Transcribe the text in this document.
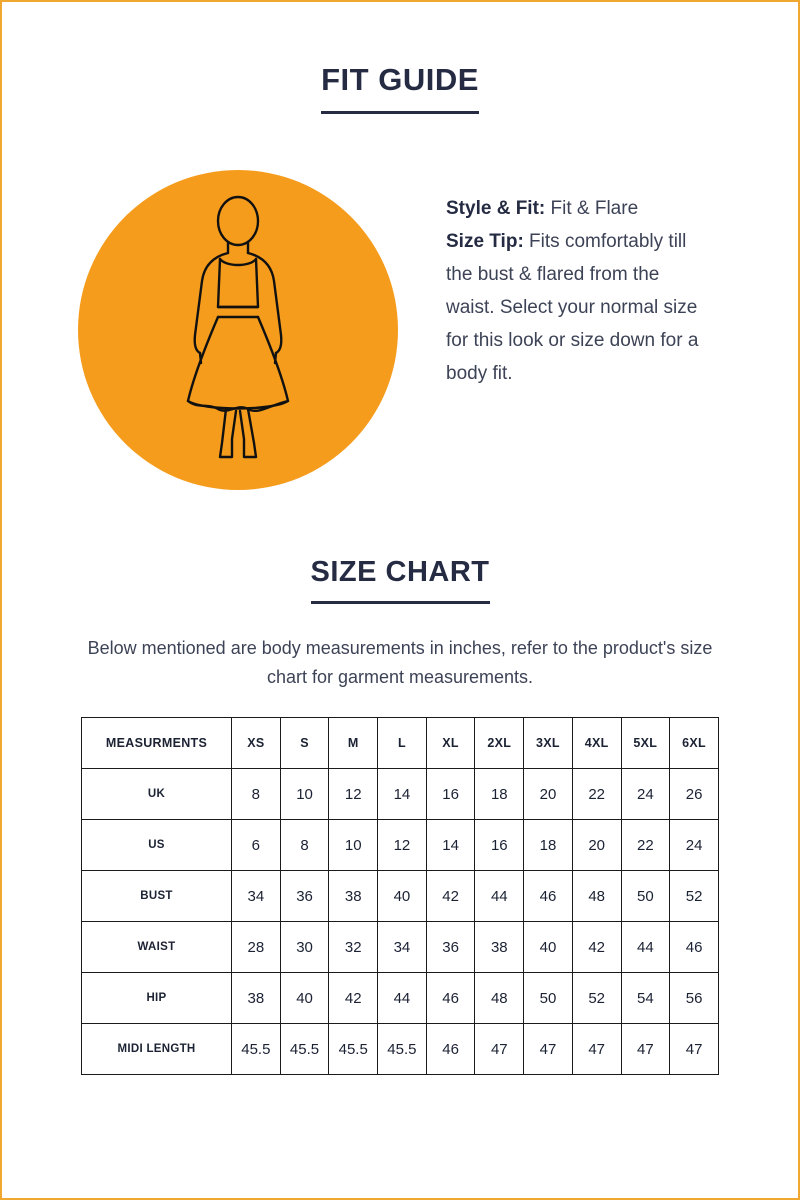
FIT GUIDE
Style & Fit: Fit & Flare
Size Tip: Fits comfortably till the bust & flared from the waist. Select your normal size for this look or size down for a body fit.
SIZE CHART
Below mentioned are body measurements in inches, refer to the product's size chart for garment measurements.
MEASURMENTS	XS	S	M	L	XL	2XL	3XL	4XL	5XL	6XL
UK	8	10	12	14	16	18	20	22	24	26
US	6	8	10	12	14	16	18	20	22	24
BUST	34	36	38	40	42	44	46	48	50	52
WAIST	28	30	32	34	36	38	40	42	44	46
HIP	38	40	42	44	46	48	50	52	54	56
MIDI LENGTH	45.5	45.5	45.5	45.5	46	47	47	47	47	47
